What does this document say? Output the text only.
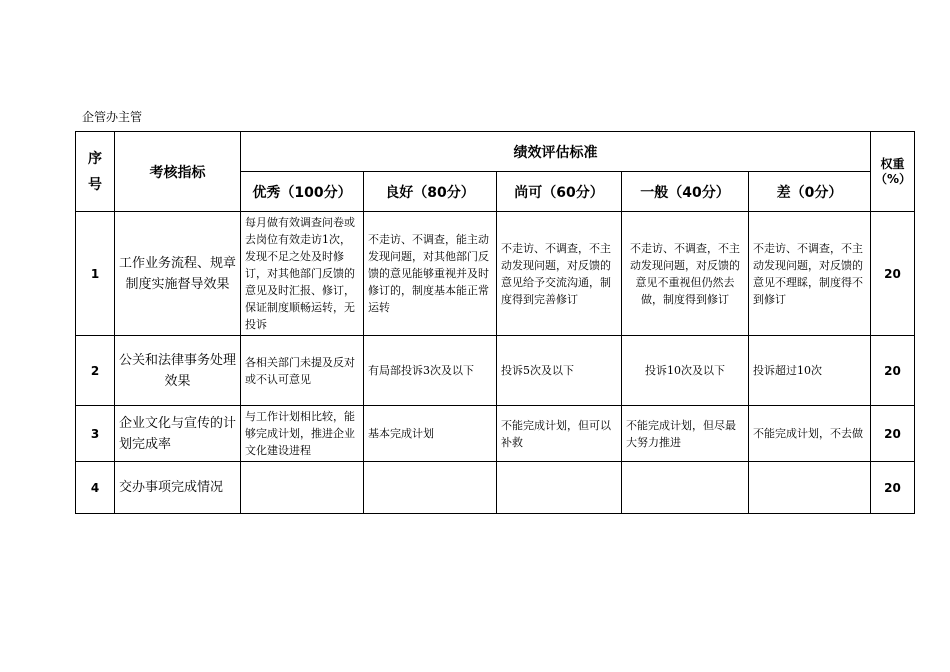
企管办主管
序号	考核指标	绩效评估标准					权重（%）
		优秀（100分）	良好（80分）	尚可（60分）	一般（40分）	差（0分）	
1	工作业务流程、规章制度实施督导效果	每月做有效调查问卷或去岗位有效走访1次，发现不足之处及时修订，对其他部门反馈的意见及时汇报、修订，保证制度顺畅运转，无投诉	不走访、不调查，能主动发现问题，对其他部门反馈的意见能够重视并及时修订的，制度基本能正常运转	不走访、不调查，不主动发现问题，对反馈的意见给予交流沟通，制度得到完善修订	不走访、不调查，不主动发现问题，对反馈的意见不重视但仍然去做，制度得到修订	不走访、不调查，不主动发现问题，对反馈的意见不理睬，制度得不到修订	20
2	公关和法律事务处理效果	各相关部门未提及反对或不认可意见	有局部投诉3次及以下	投诉5次及以下	投诉10次及以下	投诉超过10次	20
3	企业文化与宣传的计划完成率	与工作计划相比较，能够完成计划，推进企业文化建设进程	基本完成计划	不能完成计划，但可以补救	不能完成计划，但尽最大努力推进	不能完成计划，不去做	20
4	交办事项完成情况						20
